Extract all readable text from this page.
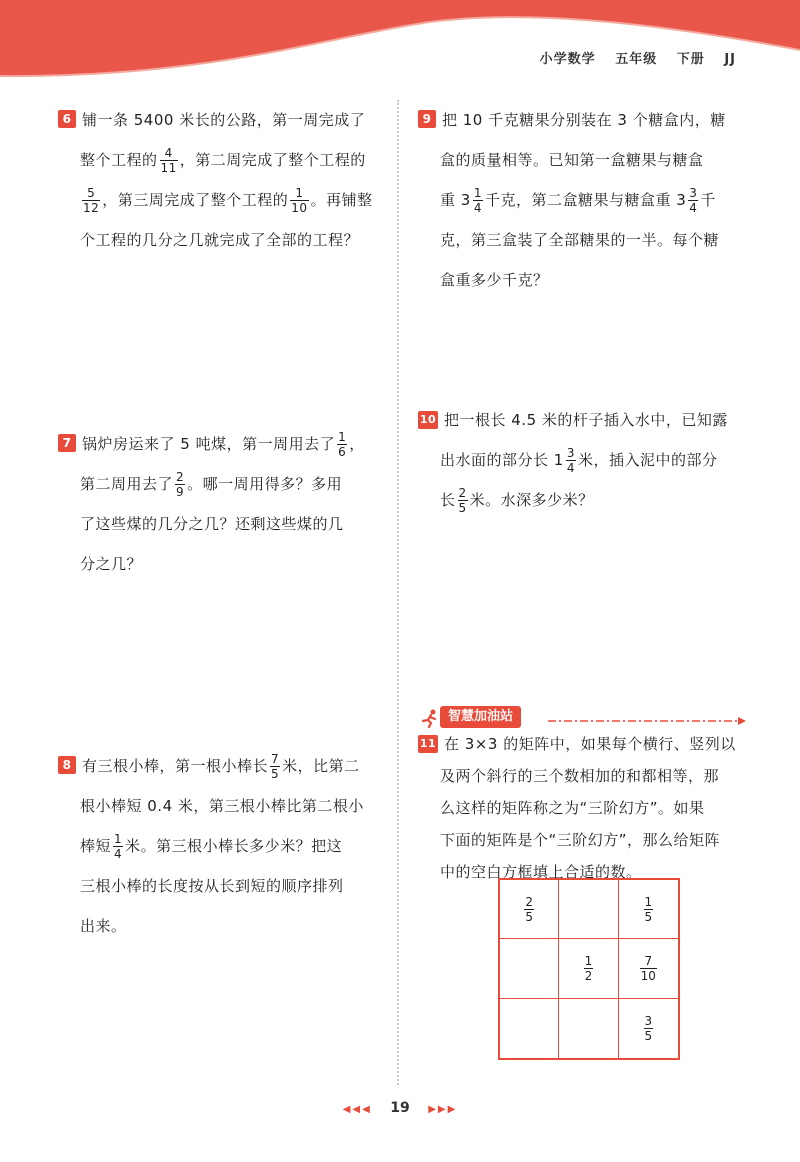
小学数学 五年级 下册 JJ
6 铺一条 5400 米长的公路，第一周完成了
整个工程的 $\frac{4}{11}$ ，第二周完成了整个工程的
$\frac{5}{12}$ ，第三周完成了整个工程的 $\frac{1}{10}$ 。再铺整
个工程的几分之几就完成了全部的工程？
7 锅炉房运来了 5 吨煤，第一周用去了 $\frac{1}{6}$ ，
第二周用去了 $\frac{2}{9}$ 。哪一周用得多？多用
了这些煤的几分之几？还剩这些煤的几
分之几？
8 有三根小棒，第一根小棒长 $\frac{7}{5}$ 米，比第二
根小棒短 0.4 米，第三根小棒比第二根小
棒短 $\frac{1}{4}$ 米。第三根小棒长多少米？把这
三根小棒的长度按从长到短的顺序排列
出来。
9 把 10 千克糖果分别装在 3 个糖盒内，糖
盒的质量相等。已知第一盒糖果与糖盒
重 $3 \frac{1}{4}$ 千克，第二盒糖果与糖盒重 $3 \frac{3}{4}$ 千
克，第三盒装了全部糖果的一半。每个糖
盒重多少千克？
10 把一根长 4.5 米的杆子插入水中，已知露
出水面的部分长 $1 \frac{3}{4}$ 米，插入泥中的部分
长 $\frac{2}{5}$ 米。水深多少米？
智慧加油站
11 在 3×3 的矩阵中，如果每个横行、竖列以
及两个斜行的三个数相加的和都相等，那
么这样的矩阵称之为“三阶幻方”。如果
下面的矩阵是个“三阶幻方”，那么给矩阵
中的空白方框填上合适的数。
$\frac{2}{5}$	$\frac{1}{5}$
$\frac{1}{2}$	$\frac{7}{10}$
$\frac{3}{5}$
◀◀◀ 19 ▶▶▶
